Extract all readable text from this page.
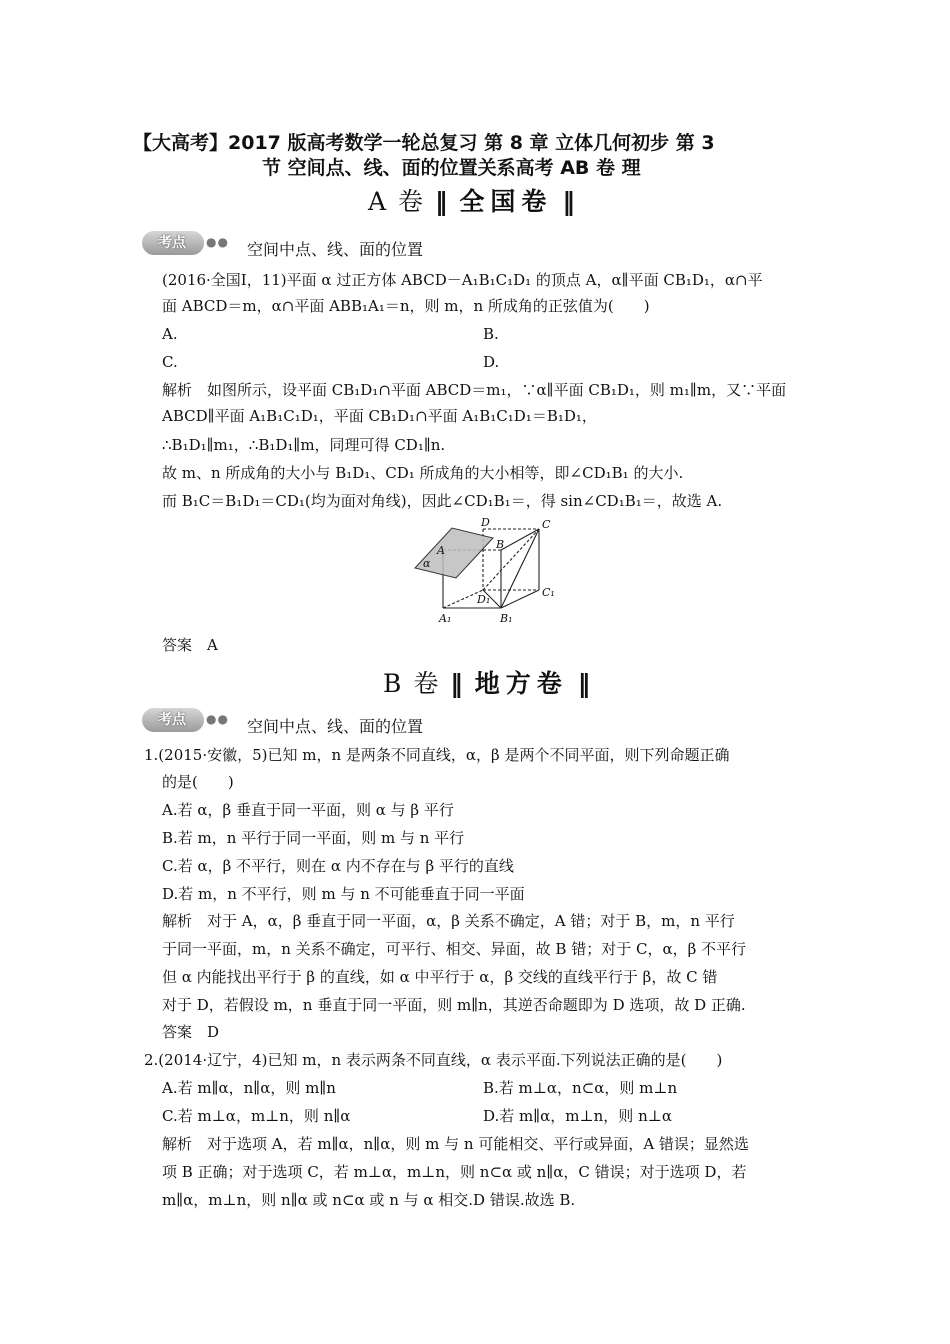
【大高考】2017 版高考数学一轮总复习 第 8 章 立体几何初步 第 3
节 空间点、线、面的位置关系高考 AB 卷 理
A 卷 ‖ 全国卷 ‖
考点 ●● 空间中点、线、面的位置
(2016·全国Ⅰ，11)平面 α 过正方体 ABCD－A₁B₁C₁D₁ 的顶点 A，α∥平面 CB₁D₁，α∩平
面 ABCD＝m，α∩平面 ABB₁A₁＝n，则 m，n 所成角的正弦值为(　　)
A.	B.
C.	D.
解析　如图所示，设平面 CB₁D₁∩平面 ABCD＝m₁，∵α∥平面 CB₁D₁，则 m₁∥m，又∵平面
ABCD∥平面 A₁B₁C₁D₁，平面 CB₁D₁∩平面 A₁B₁C₁D₁＝B₁D₁，
∴B₁D₁∥m₁，∴B₁D₁∥m，同理可得 CD₁∥n.
故 m、n 所成角的大小与 B₁D₁、CD₁ 所成角的大小相等，即∠CD₁B₁ 的大小.
而 B₁C＝B₁D₁＝CD₁(均为面对角线)，因此∠CD₁B₁＝，得 sin∠CD₁B₁＝，故选 A.
D	C
B
A
α
D₁
C₁
A₁	B₁
答案　A
B 卷 ‖ 地方卷 ‖
考点 ●● 空间中点、线、面的位置
1.(2015·安徽，5)已知 m，n 是两条不同直线，α，β 是两个不同平面，则下列命题正确
的是(　　)
A.若 α，β 垂直于同一平面，则 α 与 β 平行
B.若 m，n 平行于同一平面，则 m 与 n 平行
C.若 α，β 不平行，则在 α 内不存在与 β 平行的直线
D.若 m，n 不平行，则 m 与 n 不可能垂直于同一平面
解析　对于 A，α，β 垂直于同一平面，α，β 关系不确定，A 错；对于 B，m，n 平行
于同一平面，m，n 关系不确定，可平行、相交、异面，故 B 错；对于 C，α，β 不平行
但 α 内能找出平行于 β 的直线，如 α 中平行于 α，β 交线的直线平行于 β，故 C 错
对于 D，若假设 m，n 垂直于同一平面，则 m∥n，其逆否命题即为 D 选项，故 D 正确.
答案　D
2.(2014·辽宁，4)已知 m，n 表示两条不同直线，α 表示平面.下列说法正确的是(　　)
A.若 m∥α，n∥α，则 m∥n	B.若 m⊥α，n⊂α，则 m⊥n
C.若 m⊥α，m⊥n，则 n∥α	D.若 m∥α，m⊥n，则 n⊥α
解析　对于选项 A，若 m∥α，n∥α，则 m 与 n 可能相交、平行或异面，A 错误；显然选
项 B 正确；对于选项 C，若 m⊥α，m⊥n，则 n⊂α 或 n∥α，C 错误；对于选项 D，若
m∥α，m⊥n，则 n∥α 或 n⊂α 或 n 与 α 相交.D 错误.故选 B.
